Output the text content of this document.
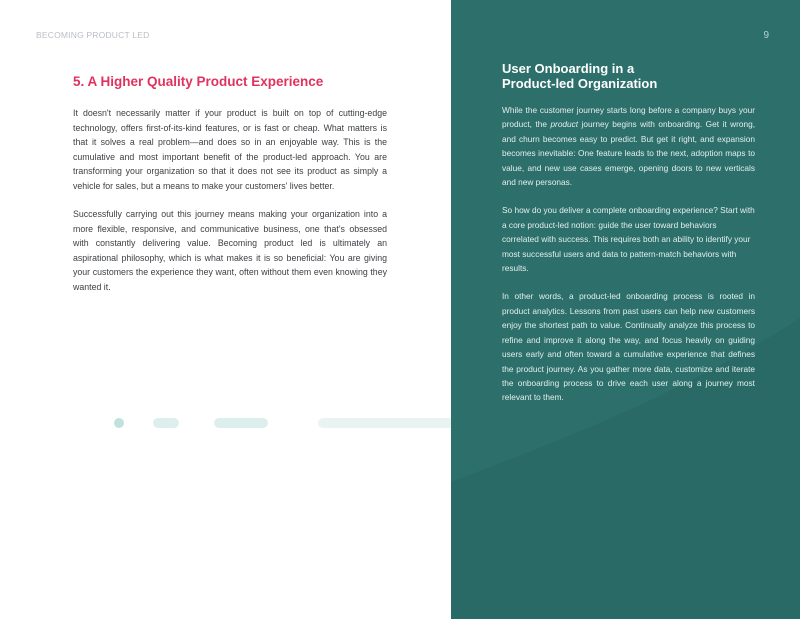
BECOMING PRODUCT LED
5. A Higher Quality Product Experience

It doesn't necessarily matter if your product is built on top of cutting-edge technology, offers first-of-its-kind features, or is fast or cheap. What matters is that it solves a real problem—and does so in an enjoyable way. This is the cumulative and most important benefit of the product-led approach. You are transforming your organization so that it does not see its product as simply a vehicle for sales, but a means to make your customers' lives better.

Successfully carrying out this journey means making your organization into a more flexible, responsive, and communicative business, one that's obsessed with constantly delivering value. Becoming product led is ultimately an aspirational philosophy, which is what makes it is so beneficial: You are giving your customers the experience they want, often without them even knowing they wanted it.

9
User Onboarding in a
Product-led Organization

While the customer journey starts long before a company buys your product, the product journey begins with onboarding. Get it wrong, and churn becomes easy to predict. But get it right, and expansion becomes inevitable: One feature leads to the next, adoption maps to value, and new use cases emerge, opening doors to new verticals and new personas.

So how do you deliver a complete onboarding experience? Start with a core product-led notion: guide the user toward behaviors correlated with success. This requires both an ability to identify your most successful users and data to pattern-match behaviors with results.

In other words, a product-led onboarding process is rooted in product analytics. Lessons from past users can help new customers enjoy the shortest path to value. Continually analyze this process to refine and improve it along the way, and focus heavily on guiding users early and often toward a cumulative experience that defines the product journey. As you gather more data, customize and iterate the onboarding process to drive each user along a journey most relevant to them.
